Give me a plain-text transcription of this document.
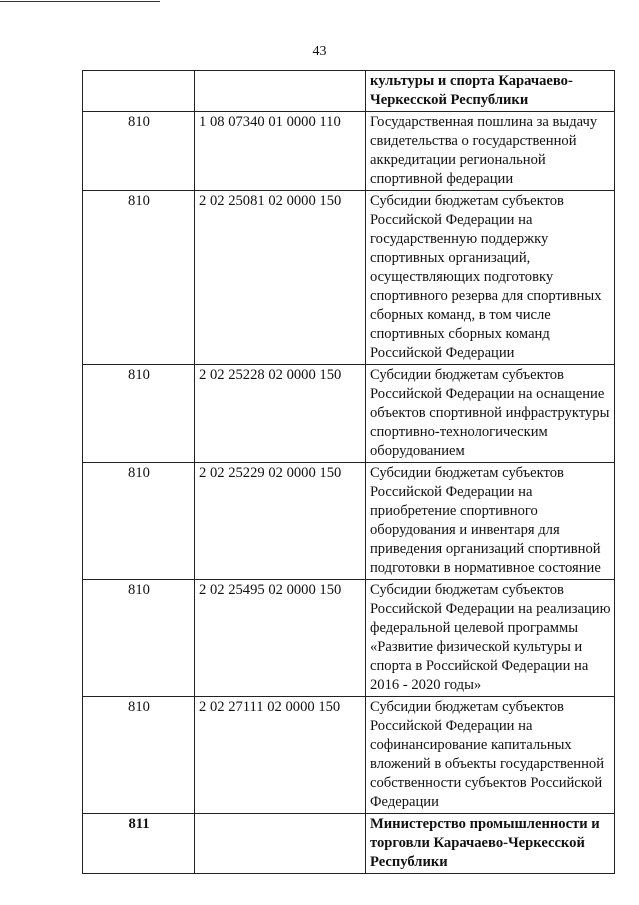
43
		культуры и спорта Карачаево-Черкесской Республики
810	1 08 07340 01 0000 110	Государственная пошлина за выдачу свидетельства о государственной аккредитации региональной спортивной федерации
810	2 02 25081 02 0000 150	Субсидии бюджетам субъектов Российской Федерации на государственную поддержку спортивных организаций, осуществляющих подготовку спортивного резерва для спортивных сборных команд, в том числе спортивных сборных команд Российской Федерации
810	2 02 25228 02 0000 150	Субсидии бюджетам субъектов Российской Федерации на оснащение объектов спортивной инфраструктуры спортивно-технологическим оборудованием
810	2 02 25229 02 0000 150	Субсидии бюджетам субъектов Российской Федерации на приобретение спортивного оборудования и инвентаря для приведения организаций спортивной подготовки в нормативное состояние
810	2 02 25495 02 0000 150	Субсидии бюджетам субъектов Российской Федерации на реализацию федеральной целевой программы «Развитие физической культуры и спорта в Российской Федерации на 2016 - 2020 годы»
810	2 02 27111 02 0000 150	Субсидии бюджетам субъектов Российской Федерации на софинансирование капитальных вложений в объекты государственной собственности субъектов Российской Федерации
811		Министерство промышленности и торговли Карачаево-Черкесской Республики
